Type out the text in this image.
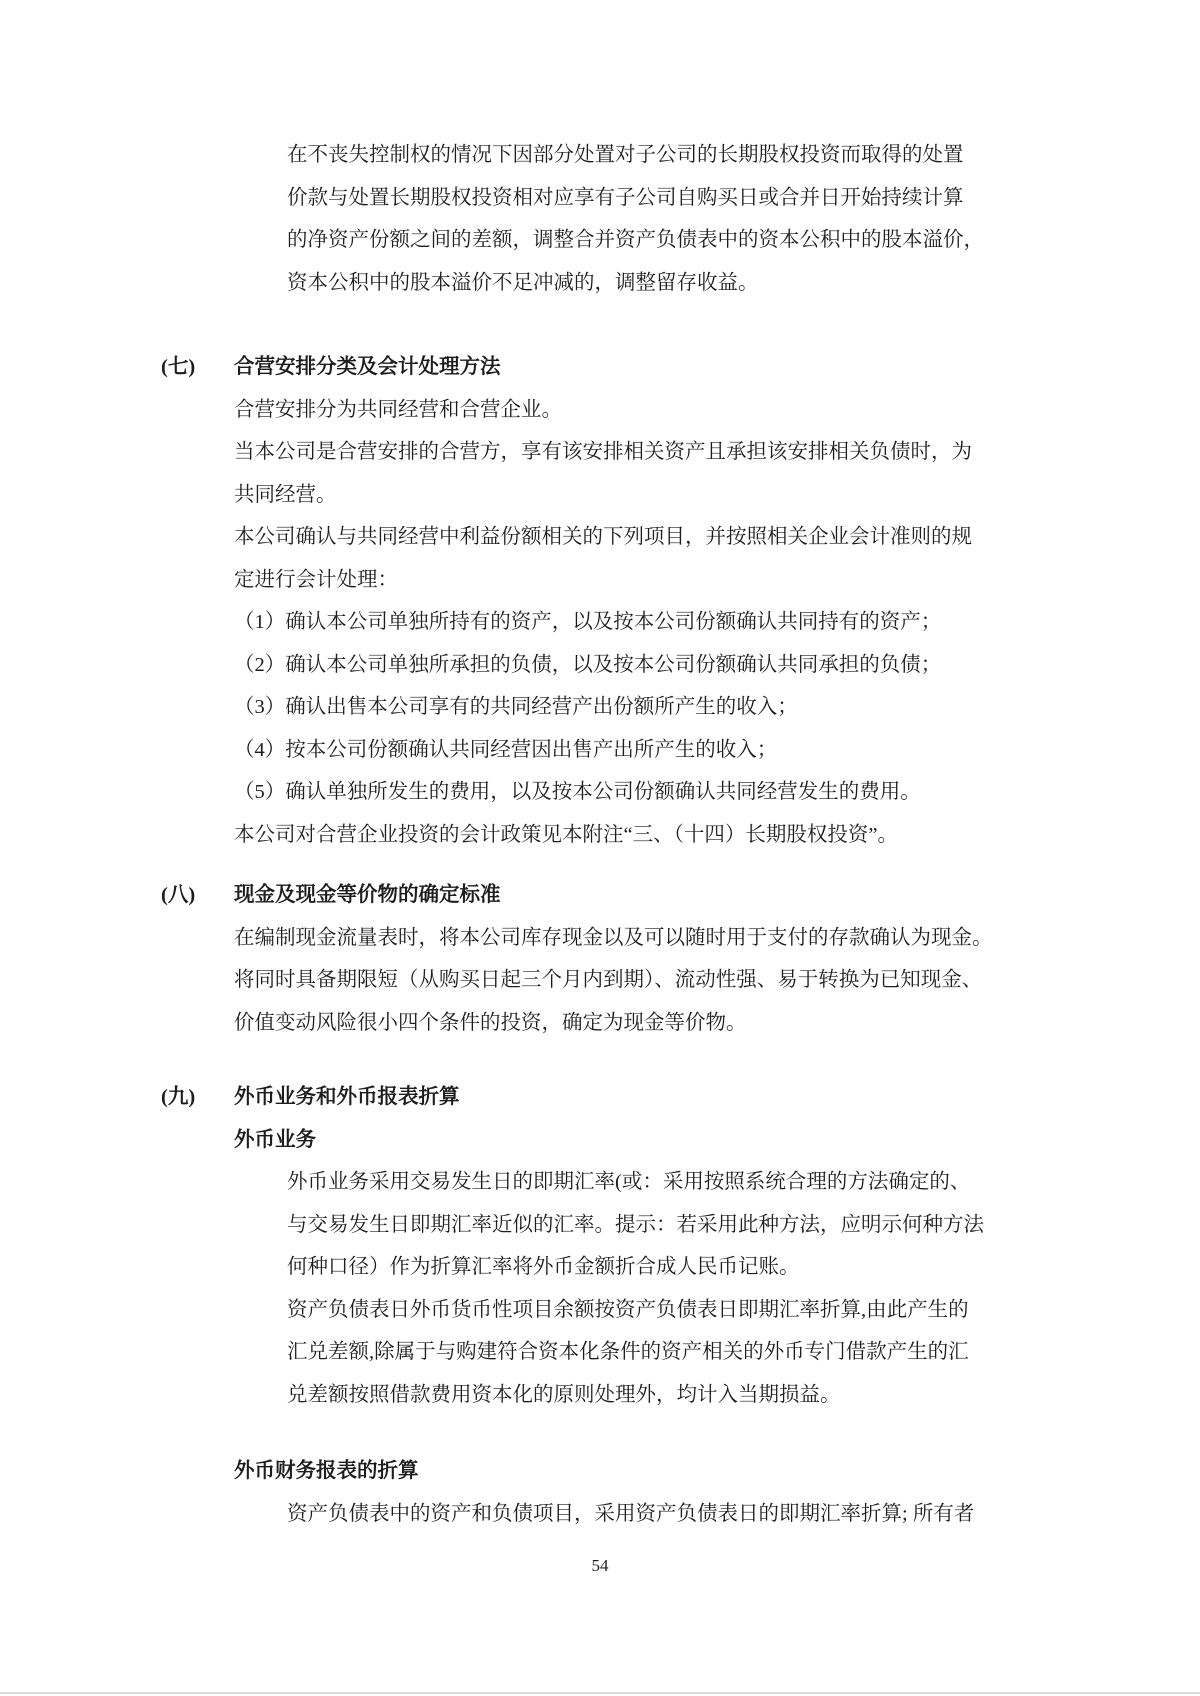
在不丧失控制权的情况下因部分处置对子公司的长期股权投资而取得的处置
价款与处置长期股权投资相对应享有子公司自购买日或合并日开始持续计算
的净资产份额之间的差额，调整合并资产负债表中的资本公积中的股本溢价，
资本公积中的股本溢价不足冲减的，调整留存收益。
(七) 合营安排分类及会计处理方法
合营安排分为共同经营和合营企业。
当本公司是合营安排的合营方，享有该安排相关资产且承担该安排相关负债时，为
共同经营。
本公司确认与共同经营中利益份额相关的下列项目，并按照相关企业会计准则的规
定进行会计处理：
（1）确认本公司单独所持有的资产，以及按本公司份额确认共同持有的资产；
（2）确认本公司单独所承担的负债，以及按本公司份额确认共同承担的负债；
（3）确认出售本公司享有的共同经营产出份额所产生的收入；
（4）按本公司份额确认共同经营因出售产出所产生的收入；
（5）确认单独所发生的费用，以及按本公司份额确认共同经营发生的费用。
本公司对合营企业投资的会计政策见本附注“三、（十四）长期股权投资”。
(八) 现金及现金等价物的确定标准
在编制现金流量表时，将本公司库存现金以及可以随时用于支付的存款确认为现金。
将同时具备期限短（从购买日起三个月内到期）、流动性强、易于转换为已知现金、
价值变动风险很小四个条件的投资，确定为现金等价物。
(九) 外币业务和外币报表折算
外币业务
外币业务采用交易发生日的即期汇率(或：采用按照系统合理的方法确定的、
与交易发生日即期汇率近似的汇率。提示：若采用此种方法，应明示何种方法
何种口径）作为折算汇率将外币金额折合成人民币记账。
资产负债表日外币货币性项目余额按资产负债表日即期汇率折算,由此产生的
汇兑差额,除属于与购建符合资本化条件的资产相关的外币专门借款产生的汇
兑差额按照借款费用资本化的原则处理外，均计入当期损益。
外币财务报表的折算
资产负债表中的资产和负债项目，采用资产负债表日的即期汇率折算; 所有者
54
